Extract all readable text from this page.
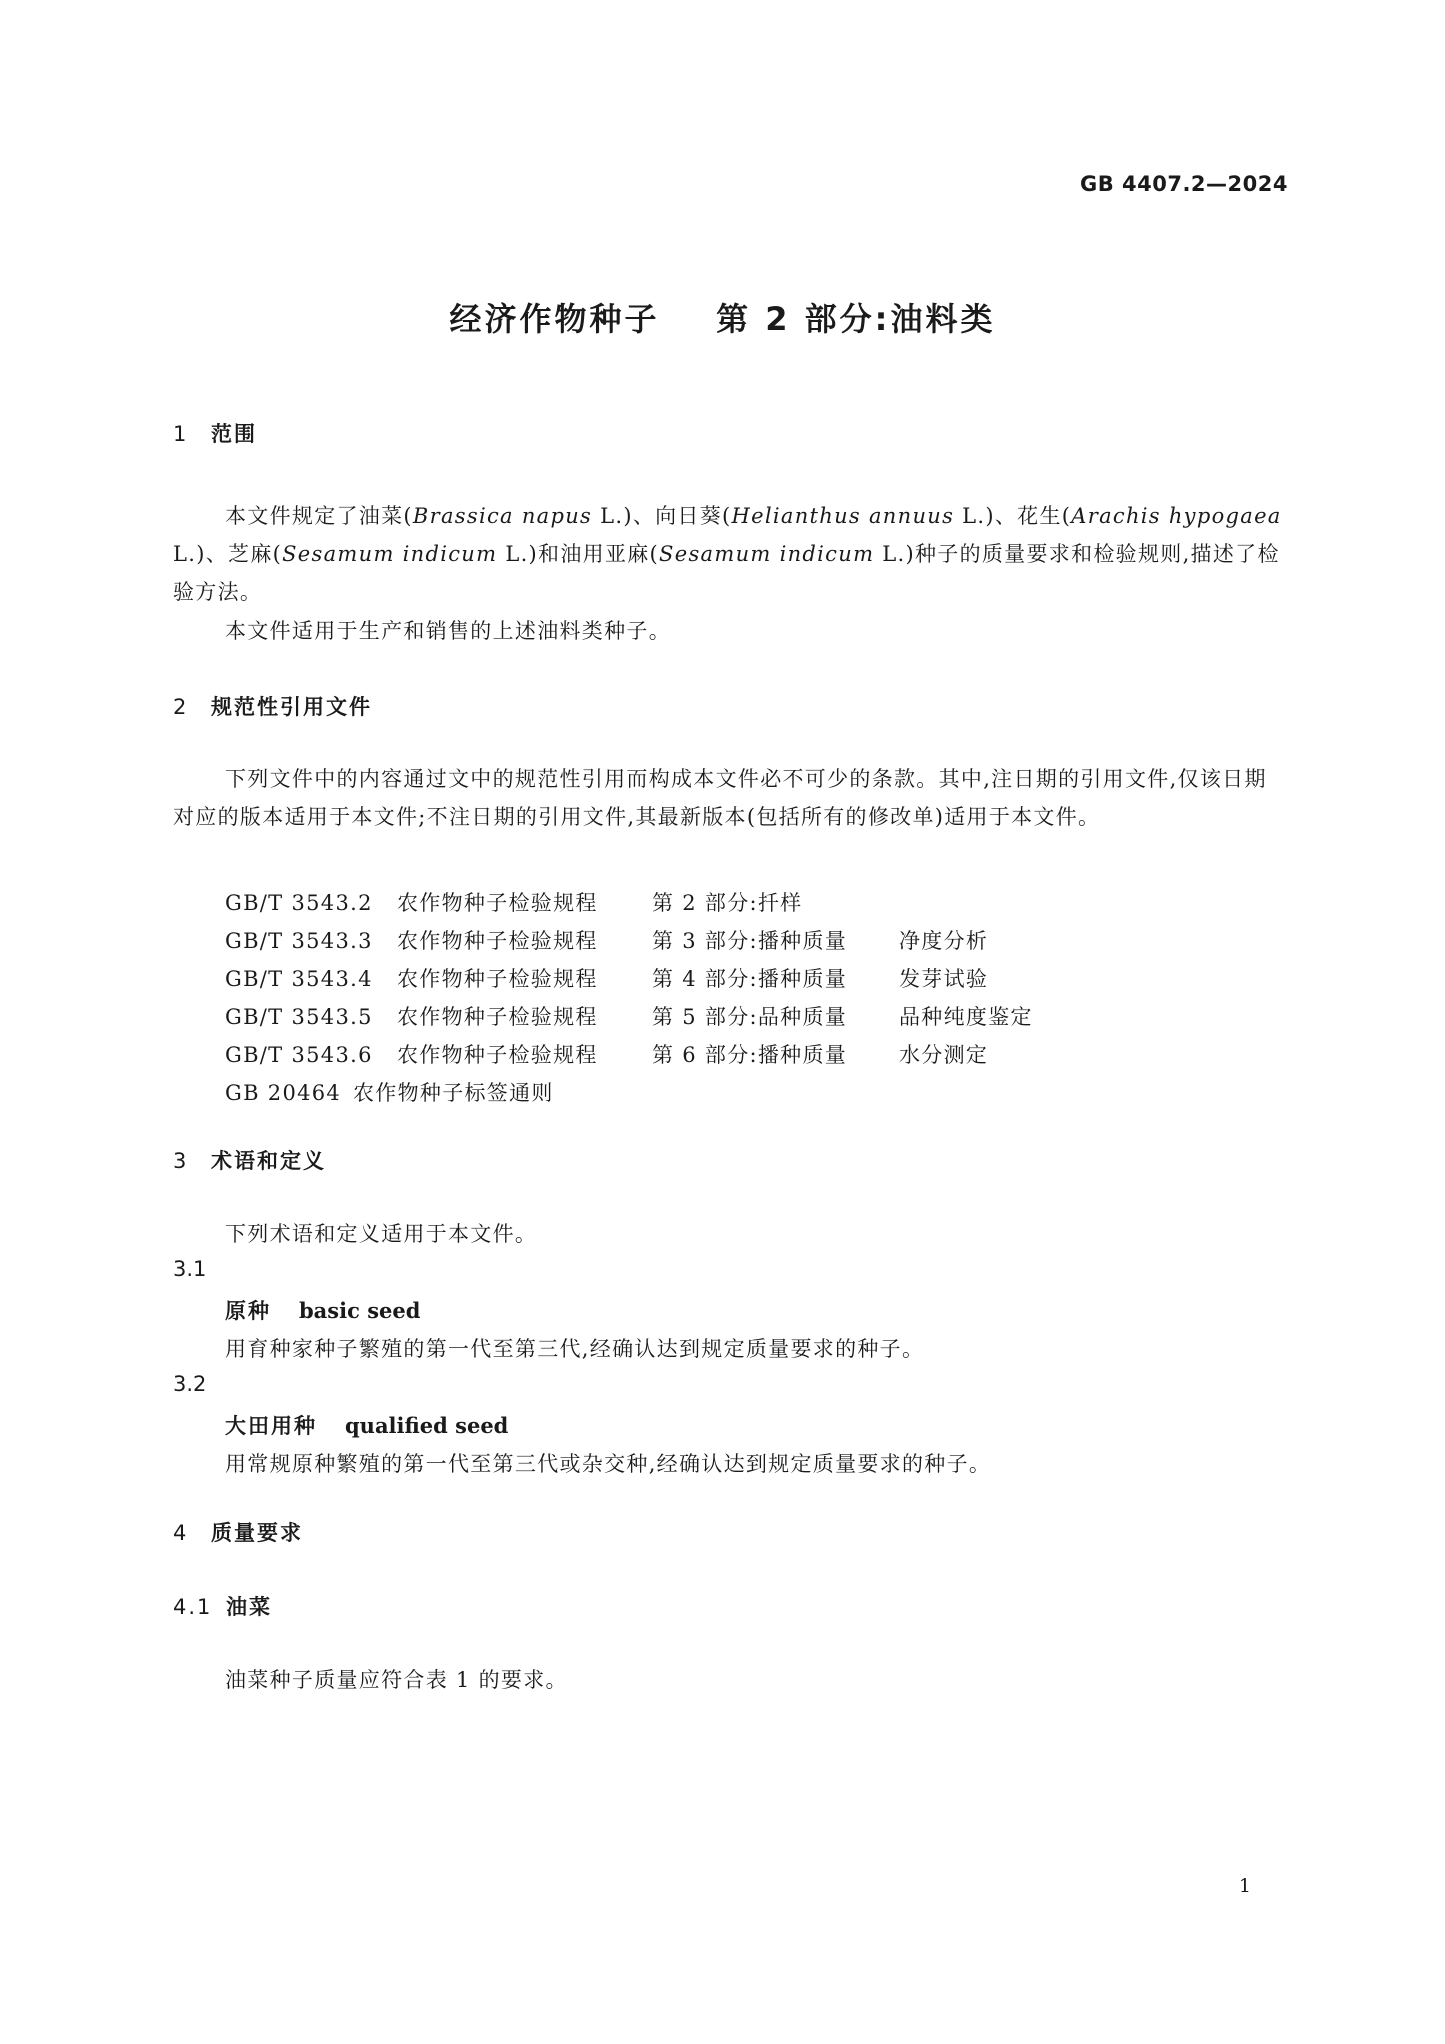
GB 4407.2—2024
经济作物种子    第 2 部分:油料类
1 范围
本文件规定了油菜(Brassica napus L.)、向日葵(Helianthus annuus L.)、花生(Arachis hypogaea L.)、芝麻(Sesamum indicum L.)和油用亚麻(Sesamum indicum L.)种子的质量要求和检验规则,描述了检验方法。
本文件适用于生产和销售的上述油料类种子。
2 规范性引用文件
下列文件中的内容通过文中的规范性引用而构成本文件必不可少的条款。其中,注日期的引用文件,仅该日期对应的版本适用于本文件;不注日期的引用文件,其最新版本(包括所有的修改单)适用于本文件。
GB/T 3543.2 农作物种子检验规程	第 2 部分:扦样
GB/T 3543.3 农作物种子检验规程	第 3 部分:播种质量 净度分析
GB/T 3543.4 农作物种子检验规程	第 4 部分:播种质量 发芽试验
GB/T 3543.5 农作物种子检验规程	第 5 部分:品种质量 品种纯度鉴定
GB/T 3543.6 农作物种子检验规程	第 6 部分:播种质量 水分测定
GB 20464 农作物种子标签通则
3 术语和定义
下列术语和定义适用于本文件。
3.1
原种 basic seed
用育种家种子繁殖的第一代至第三代,经确认达到规定质量要求的种子。
3.2
大田用种 qualified seed
用常规原种繁殖的第一代至第三代或杂交种,经确认达到规定质量要求的种子。
4 质量要求
4.1 油菜
油菜种子质量应符合表 1 的要求。
1
